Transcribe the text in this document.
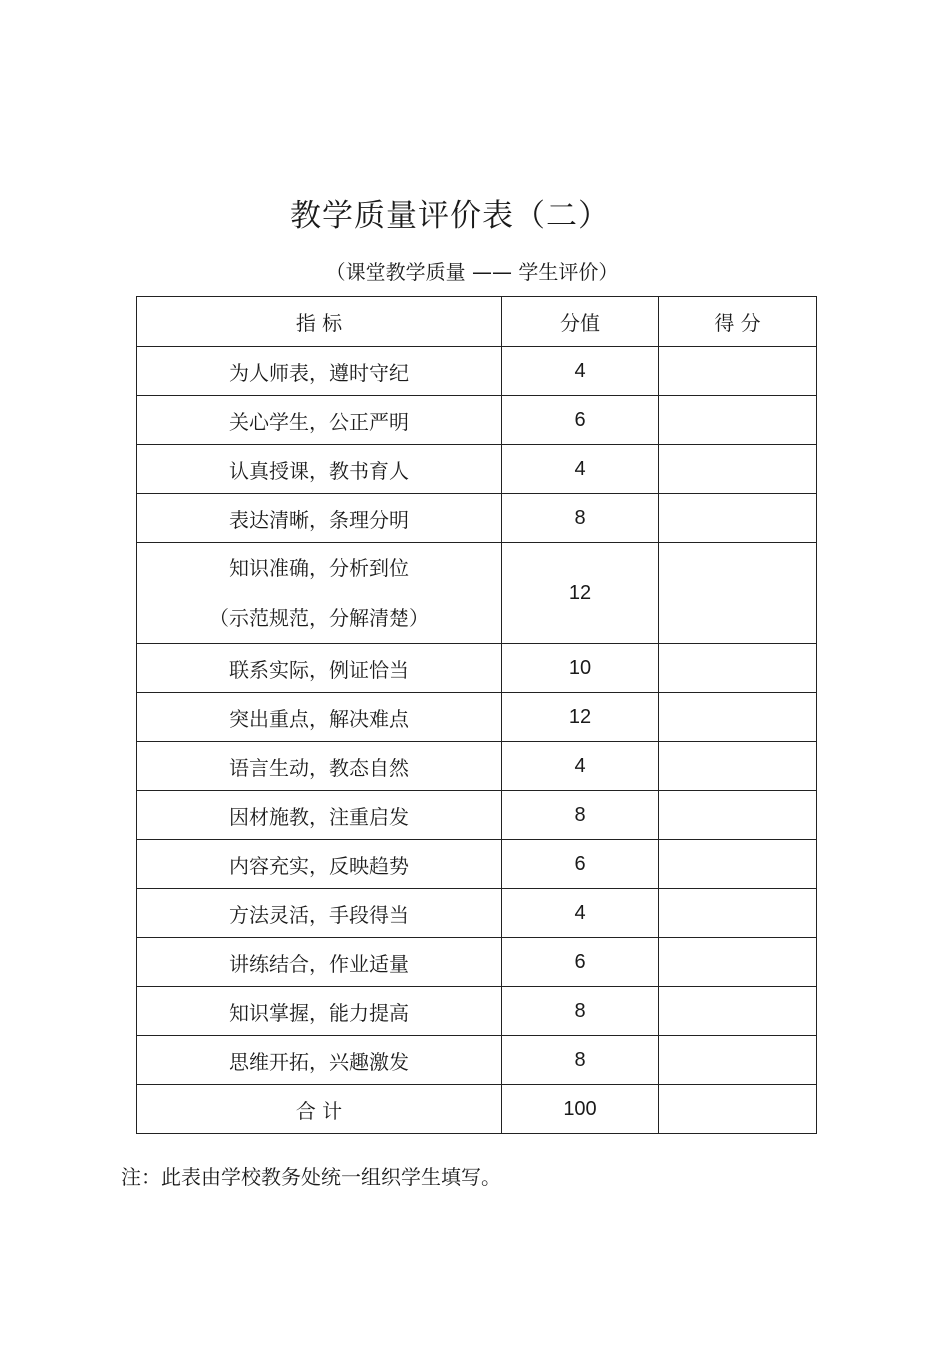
教学质量评价表（二）
（课堂教学质量 —— 学生评价）
指 标	分值	得 分
为人师表，遵时守纪	4	
关心学生，公正严明	6	
认真授课，教书育人	4	
表达清晰，条理分明	8	

知识准确，分析到位
（示范规范，分解清楚）	12	
联系实际，例证恰当	10	
突出重点，解决难点	12	
语言生动，教态自然	4	
因材施教，注重启发	8	
内容充实，反映趋势	6	
方法灵活，手段得当	4	
讲练结合，作业适量	6	
知识掌握，能力提高	8	
思维开拓，兴趣激发	8	
合 计	100	
注：此表由学校教务处统一组织学生填写。
